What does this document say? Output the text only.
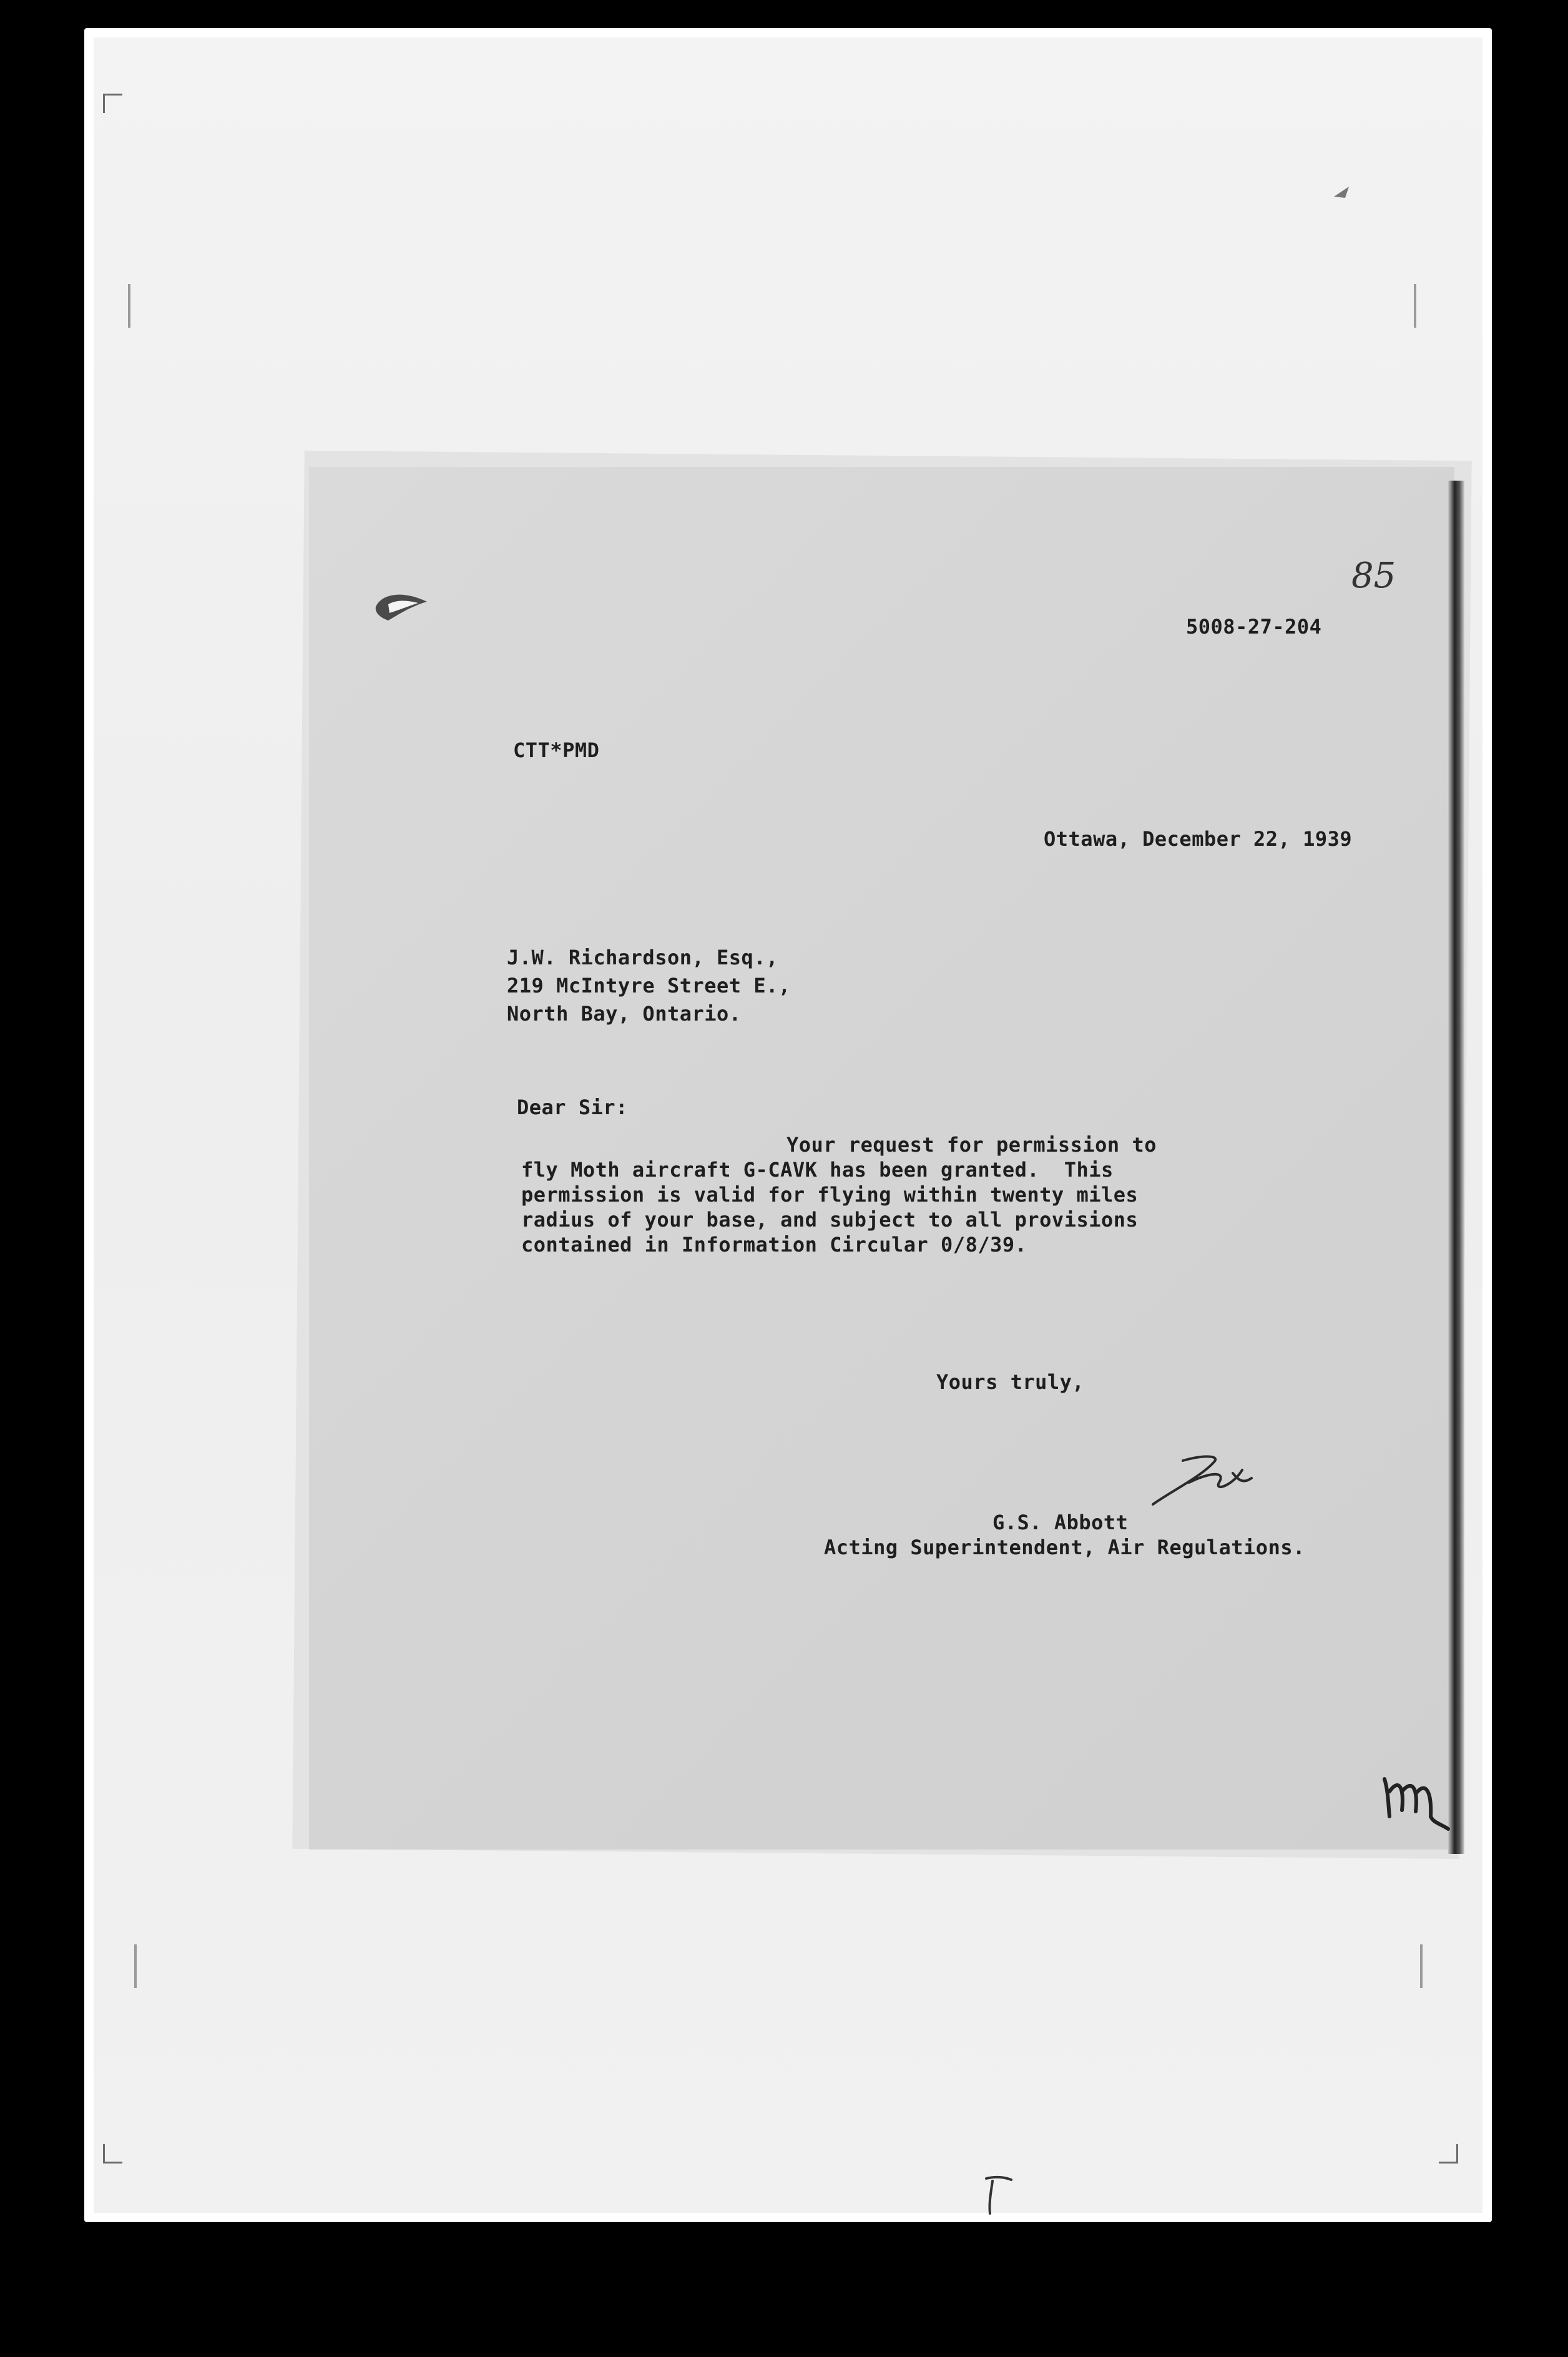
85
5008-27-204
CTT*PMD
Ottawa, December 22, 1939
J.W. Richardson, Esq.,
219 McIntyre Street E.,
North Bay, Ontario.
Dear Sir:
Your request for permission to
fly Moth aircraft G-CAVK has been granted.  This
permission is valid for flying within twenty miles
radius of your base, and subject to all provisions
contained in Information Circular 0/8/39.
Yours truly,
G.S. Abbott
Acting Superintendent, Air Regulations.
